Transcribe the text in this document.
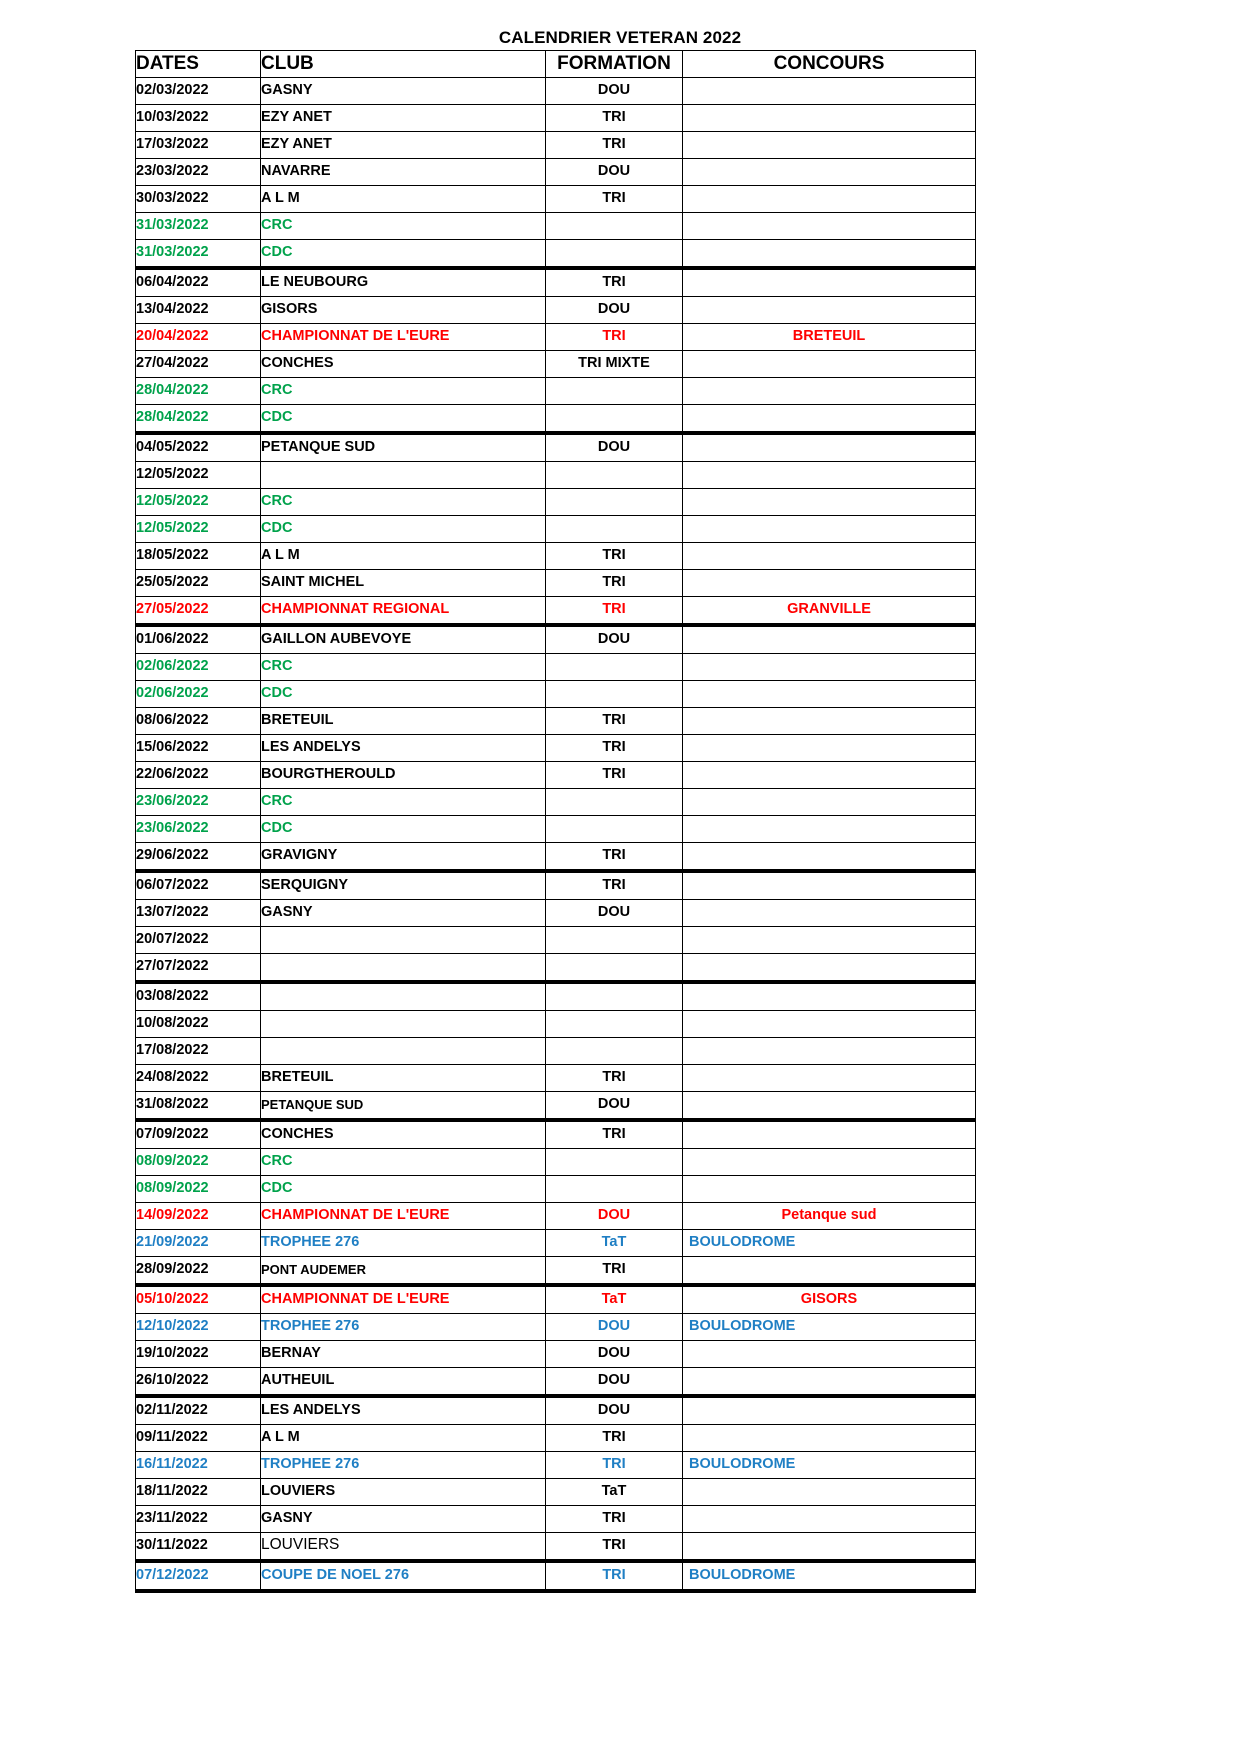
CALENDRIER VETERAN 2022
DATES	CLUB	FORMATION	CONCOURS
02/03/2022	GASNY	DOU	
10/03/2022	EZY ANET	TRI	
17/03/2022	EZY ANET	TRI	
23/03/2022	NAVARRE	DOU	
30/03/2022	A L M	TRI	
31/03/2022	CRC		
31/03/2022	CDC		
06/04/2022	LE NEUBOURG	TRI	
13/04/2022	GISORS	DOU	
20/04/2022	CHAMPIONNAT DE L'EURE	TRI	BRETEUIL
27/04/2022	CONCHES	TRI MIXTE	
28/04/2022	CRC		
28/04/2022	CDC		
04/05/2022	PETANQUE SUD	DOU	
12/05/2022			
12/05/2022	CRC		
12/05/2022	CDC		
18/05/2022	A L M	TRI	
25/05/2022	SAINT MICHEL	TRI	
27/05/2022	CHAMPIONNAT REGIONAL	TRI	GRANVILLE
01/06/2022	GAILLON AUBEVOYE	DOU	
02/06/2022	CRC		
02/06/2022	CDC		
08/06/2022	BRETEUIL	TRI	
15/06/2022	LES ANDELYS	TRI	
22/06/2022	BOURGTHEROULD	TRI	
23/06/2022	CRC		
23/06/2022	CDC		
29/06/2022	GRAVIGNY	TRI	
06/07/2022	SERQUIGNY	TRI	
13/07/2022	GASNY	DOU	
20/07/2022			
27/07/2022			
03/08/2022			
10/08/2022			
17/08/2022			
24/08/2022	BRETEUIL	TRI	
31/08/2022	PETANQUE SUD	DOU	
07/09/2022	CONCHES	TRI	
08/09/2022	CRC		
08/09/2022	CDC		
14/09/2022	CHAMPIONNAT DE L'EURE	DOU	Petanque sud
21/09/2022	TROPHEE 276	TaT	BOULODROME
28/09/2022	PONT AUDEMER	TRI	
05/10/2022	CHAMPIONNAT DE L'EURE	TaT	GISORS
12/10/2022	TROPHEE 276	DOU	BOULODROME
19/10/2022	BERNAY	DOU	
26/10/2022	AUTHEUIL	DOU	
02/11/2022	LES ANDELYS	DOU	
09/11/2022	A L M	TRI	
16/11/2022	TROPHEE 276	TRI	BOULODROME
18/11/2022	LOUVIERS	TaT	
23/11/2022	GASNY	TRI	
30/11/2022	LOUVIERS	TRI	
07/12/2022	COUPE DE NOEL 276	TRI	BOULODROME
